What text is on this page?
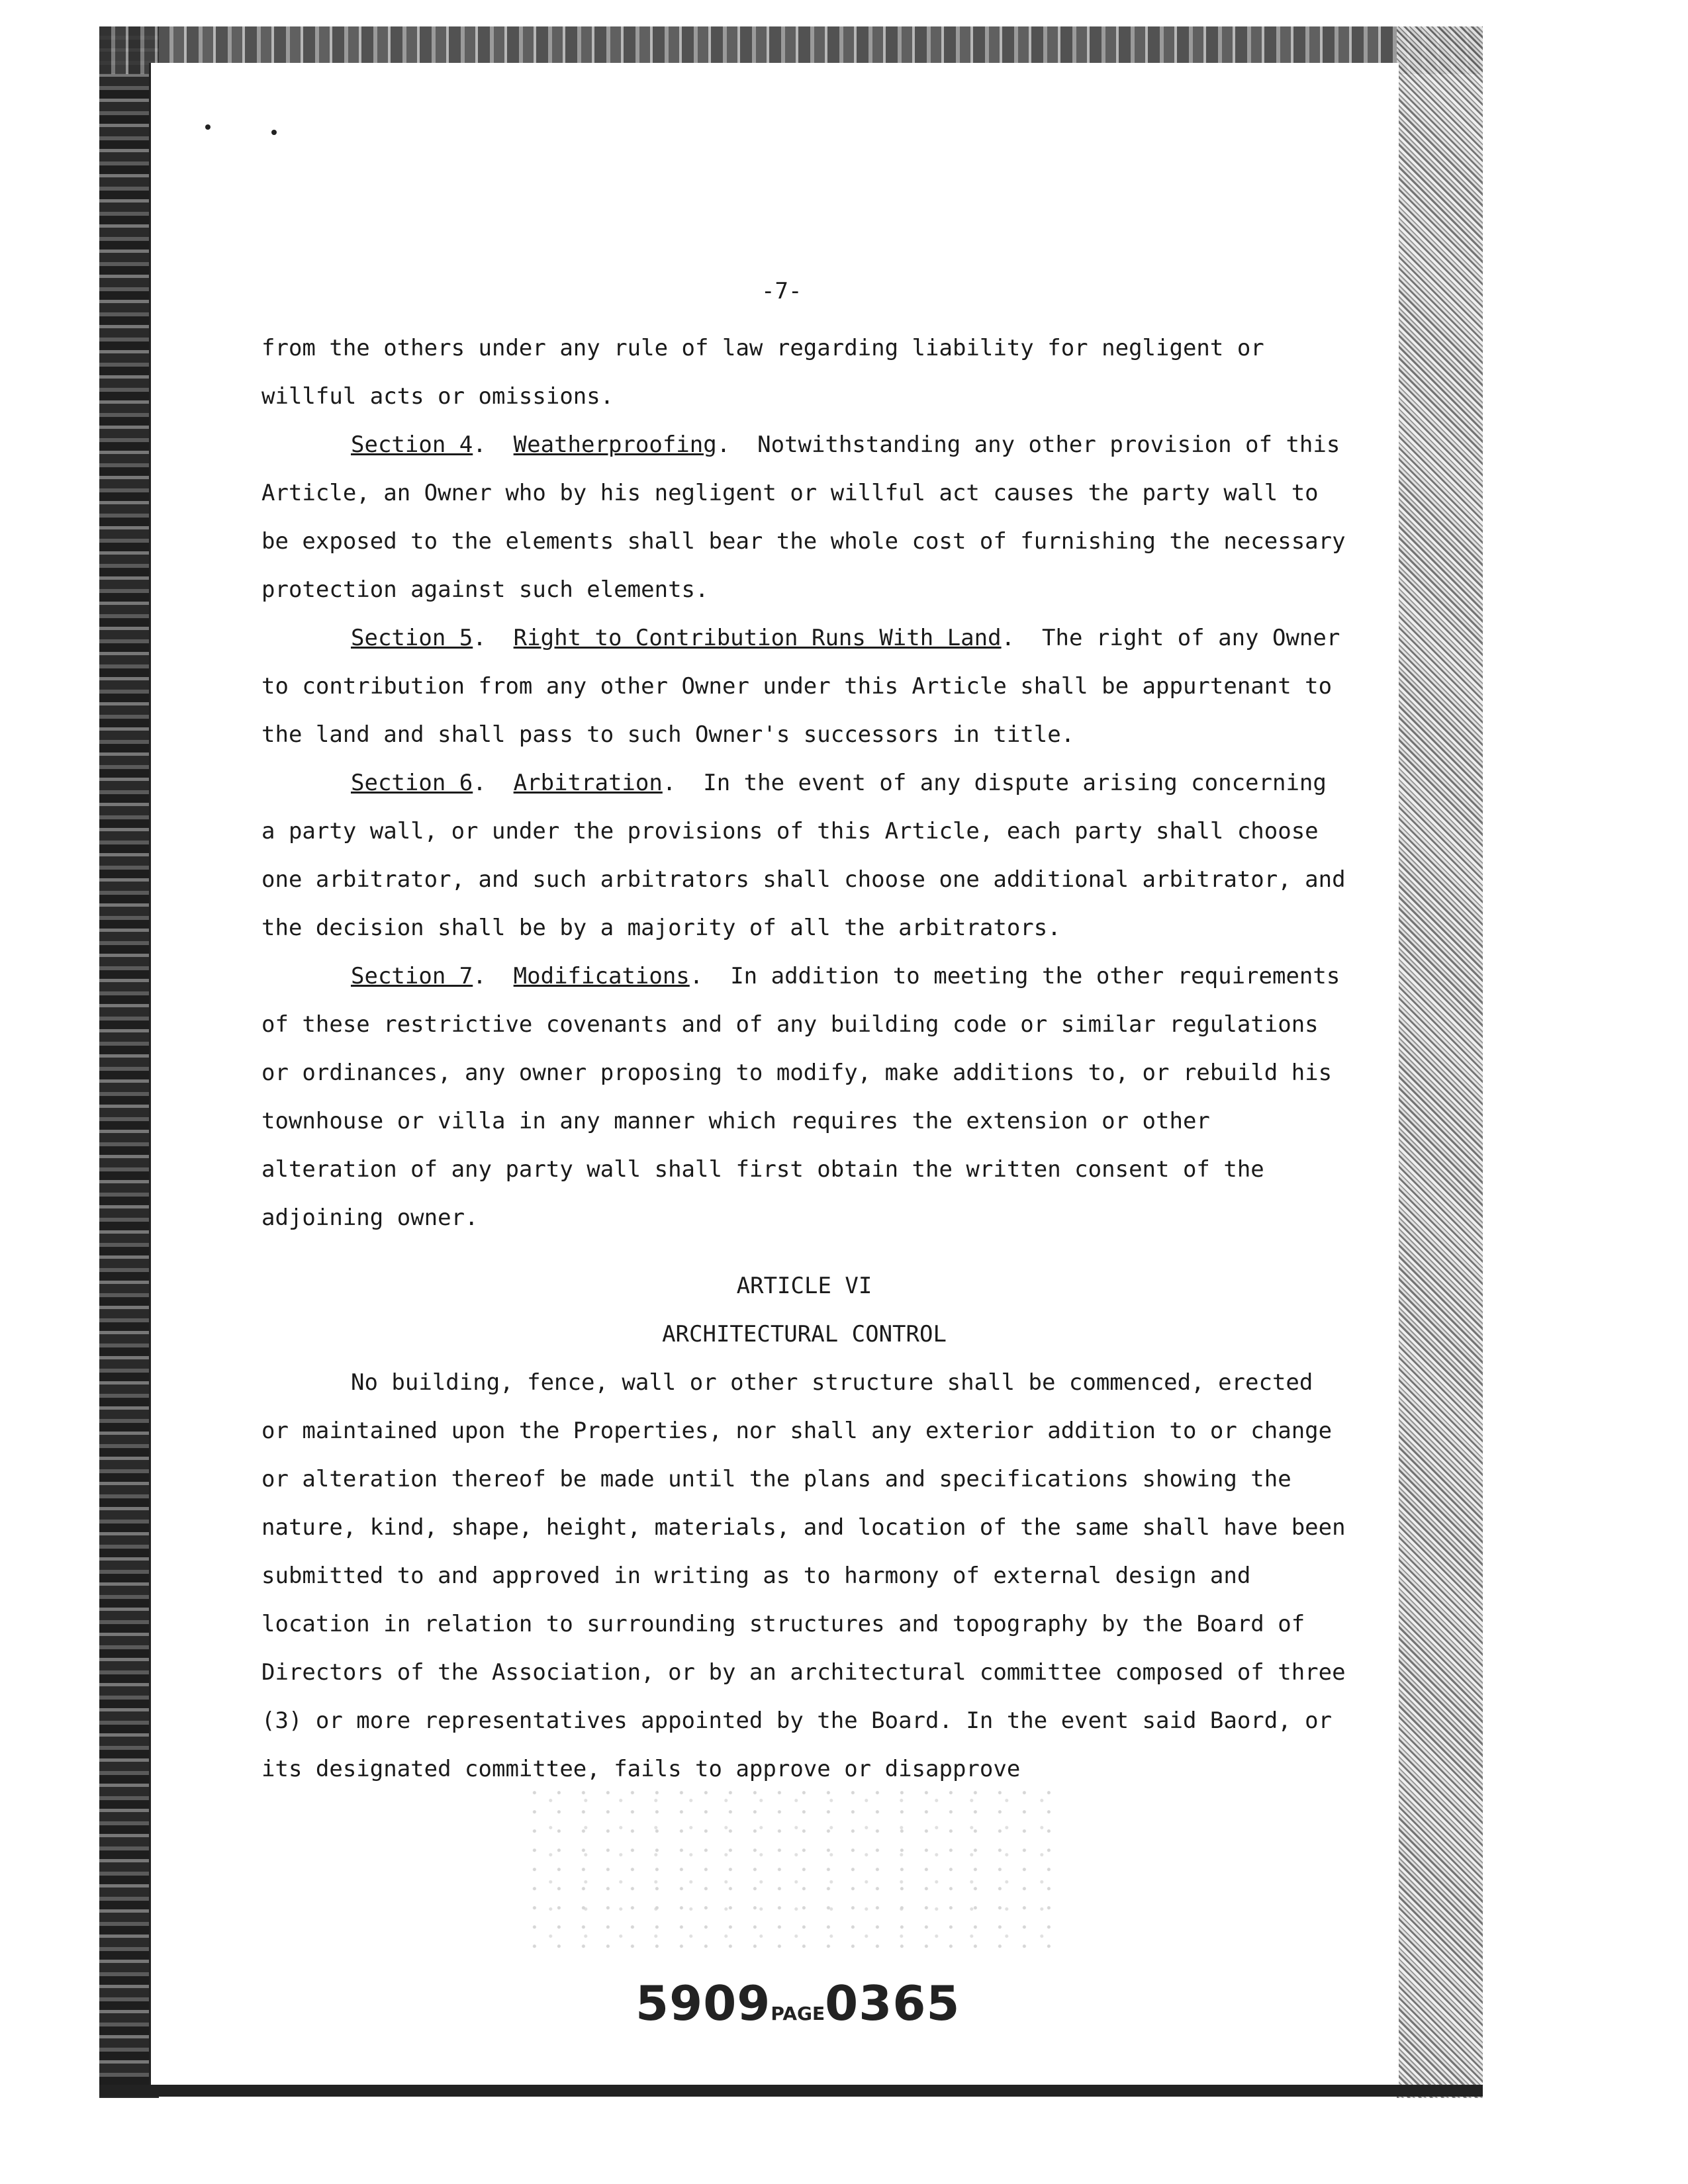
-7-

from the others under any rule of law regarding liability for negligent or willful acts or omissions.

Section 4.  Weatherproofing.  Notwithstanding any other provision of this Article, an Owner who by his negligent or willful act causes the party wall to be exposed to the elements shall bear the whole cost of furnishing the necessary protection against such elements.

Section 5.  Right to Contribution Runs With Land.  The right of any Owner to contribution from any other Owner under this Article shall be appurtenant to the land and shall pass to such Owner's successors in title.

Section 6.  Arbitration.  In the event of any dispute arising concerning a party wall, or under the provisions of this Article, each party shall choose one arbitrator, and such arbitrators shall choose one additional arbitrator, and the decision shall be by a majority of all the arbitrators.

Section 7.  Modifications.  In addition to meeting the other requirements of these restrictive covenants and of any building code or similar regulations or ordinances, any owner proposing to modify, make additions to, or rebuild his townhouse or villa in any manner which requires the extension or other alteration of any party wall shall first obtain the written consent of the adjoining owner.

ARTICLE VI

ARCHITECTURAL CONTROL

No building, fence, wall or other structure shall be commenced, erected or maintained upon the Properties, nor shall any exterior addition to or change or alteration thereof be made until the plans and specifications showing the nature, kind, shape, height, materials, and location of the same shall have been submitted to and approved in writing as to harmony of external design and location in relation to surrounding structures and topography by the Board of Directors of the Association, or by an architectural committee composed of three (3) or more representatives appointed by the Board. In the event said Baord, or its designated committee, fails to approve or disapprove

5909PAGE0365
